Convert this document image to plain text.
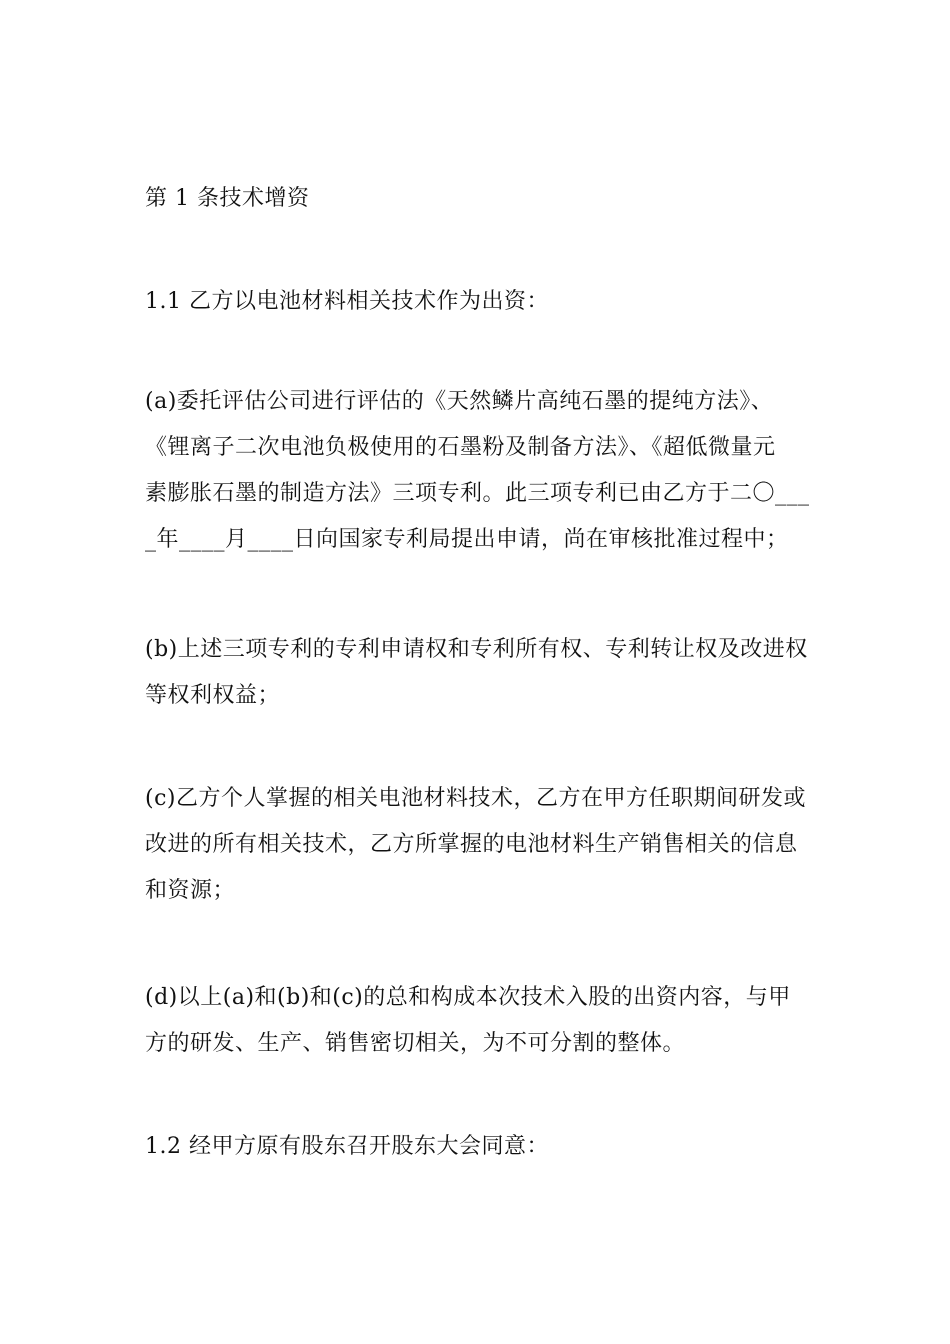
第 1 条技术增资

1.1 乙方以电池材料相关技术作为出资：

(a)委托评估公司进行评估的《天然鳞片高纯石墨的提纯方法》、
《锂离子二次电池负极使用的石墨粉及制备方法》、《超低微量元
素膨胀石墨的制造方法》三项专利。此三项专利已由乙方于二〇___
_年____月____日向国家专利局提出申请，尚在审核批准过程中；

(b)上述三项专利的专利申请权和专利所有权、专利转让权及改进权
等权利权益；

(c)乙方个人掌握的相关电池材料技术，乙方在甲方任职期间研发或
改进的所有相关技术，乙方所掌握的电池材料生产销售相关的信息
和资源；

(d)以上(a)和(b)和(c)的总和构成本次技术入股的出资内容，与甲
方的研发、生产、销售密切相关，为不可分割的整体。

1.2 经甲方原有股东召开股东大会同意：
